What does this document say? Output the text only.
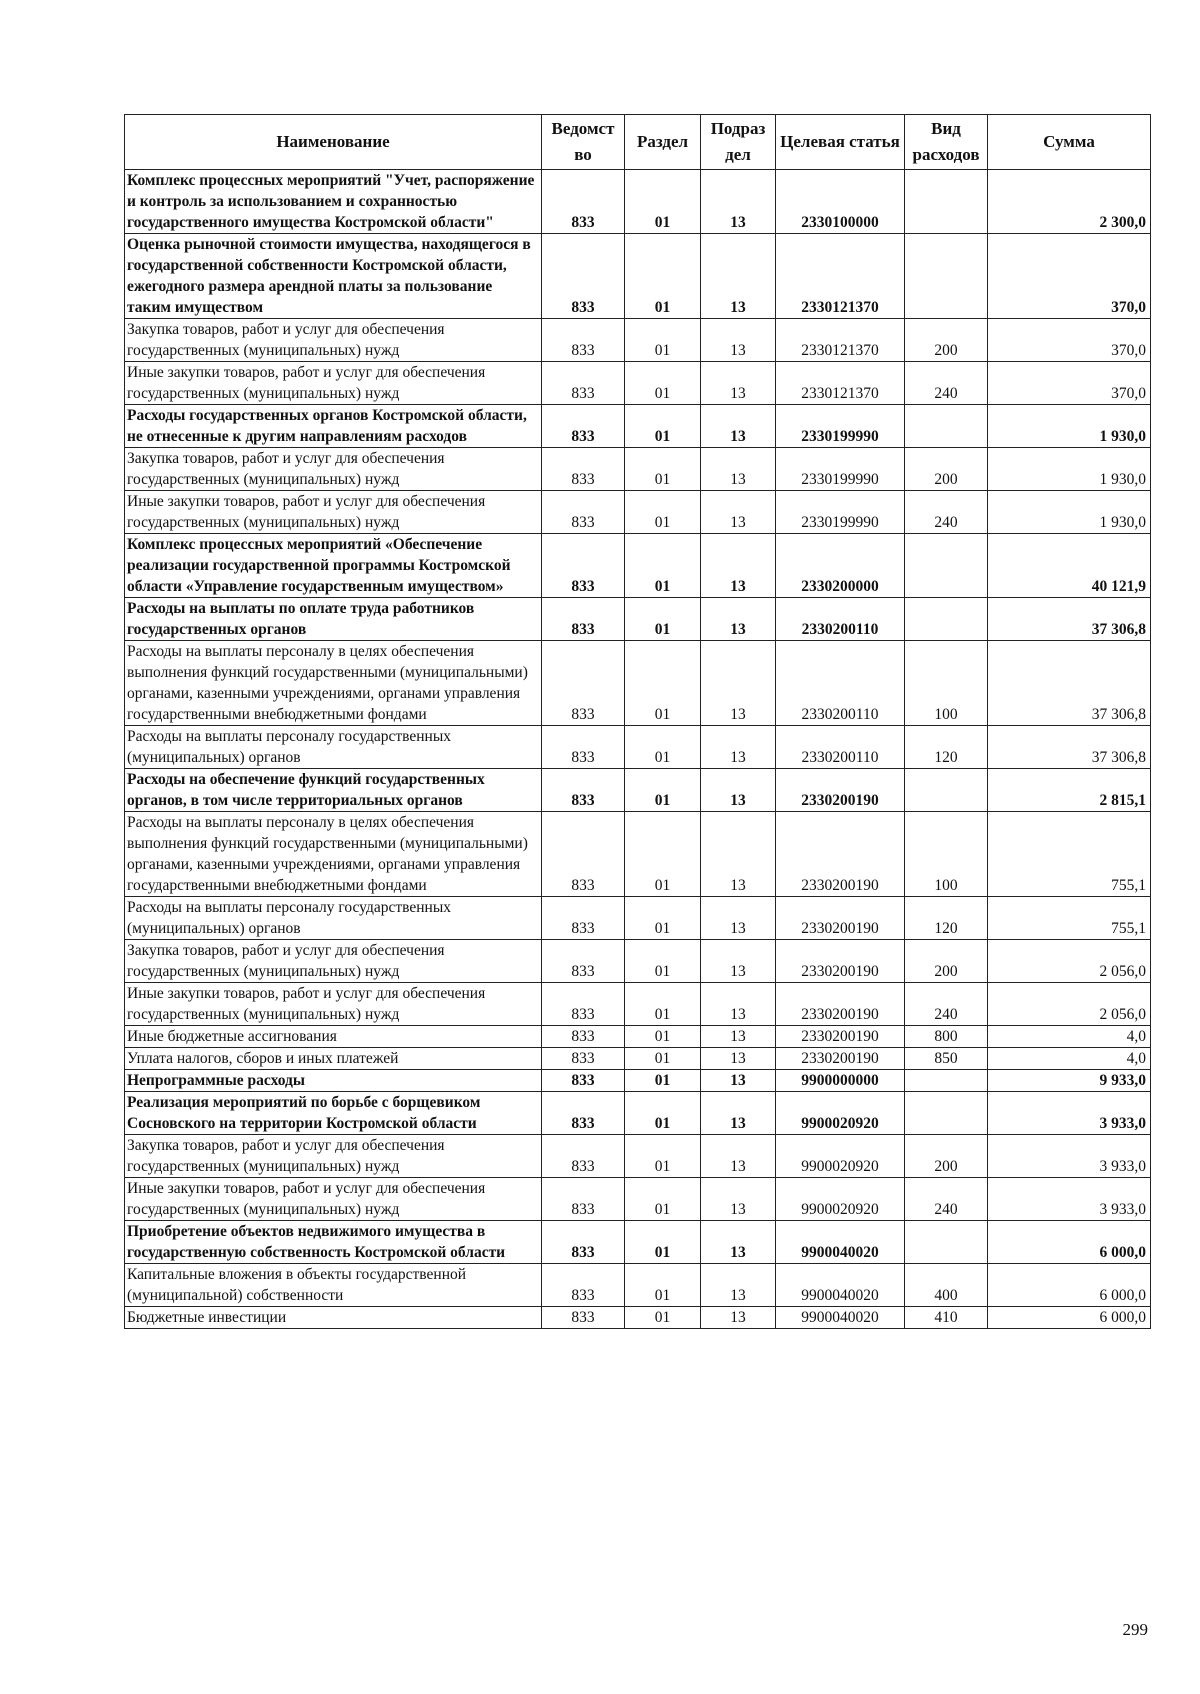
Наименование	Ведомст во	Раздел	Подраз дел	Целевая статья	Вид расходов	Сумма
Комплекс процессных мероприятий "Учет, распоряжение и контроль за использованием и сохранностью государственного имущества Костромской области"	833	01	13	2330100000		2 300,0
Оценка рыночной стоимости имущества, находящегося в государственной собственности Костромской области, ежегодного размера арендной платы за пользование таким имуществом	833	01	13	2330121370		370,0
Закупка товаров, работ и услуг для обеспечения государственных (муниципальных) нужд	833	01	13	2330121370	200	370,0
Иные закупки товаров, работ и услуг для обеспечения государственных (муниципальных) нужд	833	01	13	2330121370	240	370,0
Расходы государственных органов Костромской области, не отнесенные к другим направлениям расходов	833	01	13	2330199990		1 930,0
Закупка товаров, работ и услуг для обеспечения государственных (муниципальных) нужд	833	01	13	2330199990	200	1 930,0
Иные закупки товаров, работ и услуг для обеспечения государственных (муниципальных) нужд	833	01	13	2330199990	240	1 930,0
Комплекс процессных мероприятий «Обеспечение реализации государственной программы Костромской области «Управление государственным имуществом»	833	01	13	2330200000		40 121,9
Расходы на выплаты по оплате труда работников государственных органов	833	01	13	2330200110		37 306,8
Расходы на выплаты персоналу в целях обеспечения выполнения функций государственными (муниципальными) органами, казенными учреждениями, органами управления государственными внебюджетными фондами	833	01	13	2330200110	100	37 306,8
Расходы на выплаты персоналу государственных (муниципальных) органов	833	01	13	2330200110	120	37 306,8
Расходы на обеспечение функций государственных органов, в том числе территориальных органов	833	01	13	2330200190		2 815,1
Расходы на выплаты персоналу в целях обеспечения выполнения функций государственными (муниципальными) органами, казенными учреждениями, органами управления государственными внебюджетными фондами	833	01	13	2330200190	100	755,1
Расходы на выплаты персоналу государственных (муниципальных) органов	833	01	13	2330200190	120	755,1
Закупка товаров, работ и услуг для обеспечения государственных (муниципальных) нужд	833	01	13	2330200190	200	2 056,0
Иные закупки товаров, работ и услуг для обеспечения государственных (муниципальных) нужд	833	01	13	2330200190	240	2 056,0
Иные бюджетные ассигнования	833	01	13	2330200190	800	4,0
Уплата налогов, сборов и иных платежей	833	01	13	2330200190	850	4,0
Непрограммные расходы	833	01	13	9900000000		9 933,0
Реализация мероприятий по борьбе с борщевиком Сосновского на территории Костромской области	833	01	13	9900020920		3 933,0
Закупка товаров, работ и услуг для обеспечения государственных (муниципальных) нужд	833	01	13	9900020920	200	3 933,0
Иные закупки товаров, работ и услуг для обеспечения государственных (муниципальных) нужд	833	01	13	9900020920	240	3 933,0
Приобретение объектов недвижимого имущества в государственную собственность Костромской области	833	01	13	9900040020		6 000,0
Капитальные вложения в объекты государственной (муниципальной) собственности	833	01	13	9900040020	400	6 000,0
Бюджетные инвестиции	833	01	13	9900040020	410	6 000,0
299
